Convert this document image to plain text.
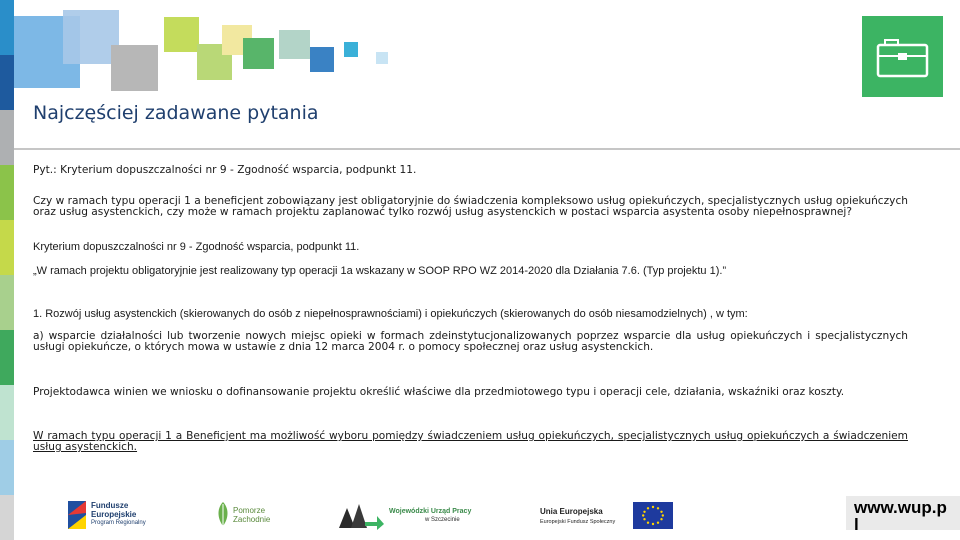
Najczęściej zadawane pytania

Pyt.: Kryterium dopuszczalności nr 9 - Zgodność wsparcia, podpunkt 11.

Czy w ramach typu operacji 1 a beneficjent zobowiązany jest obligatoryjnie do świadczenia kompleksowo usług opiekuńczych, specjalistycznych usług opiekuńczych oraz usług asystenckich, czy może w ramach projektu zaplanować tylko rozwój usług asystenckich w postaci wsparcia asystenta osoby niepełnosprawnej?

Kryterium dopuszczalności nr 9 - Zgodność wsparcia, podpunkt 11.

„W ramach projektu obligatoryjnie jest realizowany typ operacji 1a wskazany w SOOP RPO WZ 2014-2020 dla Działania 7.6. (Typ projektu 1).”

1. Rozwój usług asystenckich (skierowanych do osób z niepełnosprawnościami) i opiekuńczych (skierowanych do osób niesamodzielnych) , w tym:

a) wsparcie działalności lub tworzenie nowych miejsc opieki w formach zdeinstytucjonalizowanych poprzez wsparcie dla usług opiekuńczych i specjalistycznych usługi opiekuńcze, o których mowa w ustawie z dnia 12 marca 2004 r. o pomocy społecznej oraz usług asystenckich.

Projektodawca winien we wniosku o dofinansowanie projektu określić właściwe dla przedmiotowego typu i operacji cele, działania, wskaźniki oraz koszty.

W ramach typu operacji 1 a Beneficjent ma możliwość wyboru pomiędzy świadczeniem usług opiekuńczych, specjalistycznych usług opiekuńczych a świadczeniem usług asystenckich.

Fundusze
Europejskie
Program Regionalny
Pomorze
Zachodnie
Wojewódzki Urząd Pracy
w Szczecinie
Unia Europejska
Europejski Fundusz Społeczny
www.wup.p
l
